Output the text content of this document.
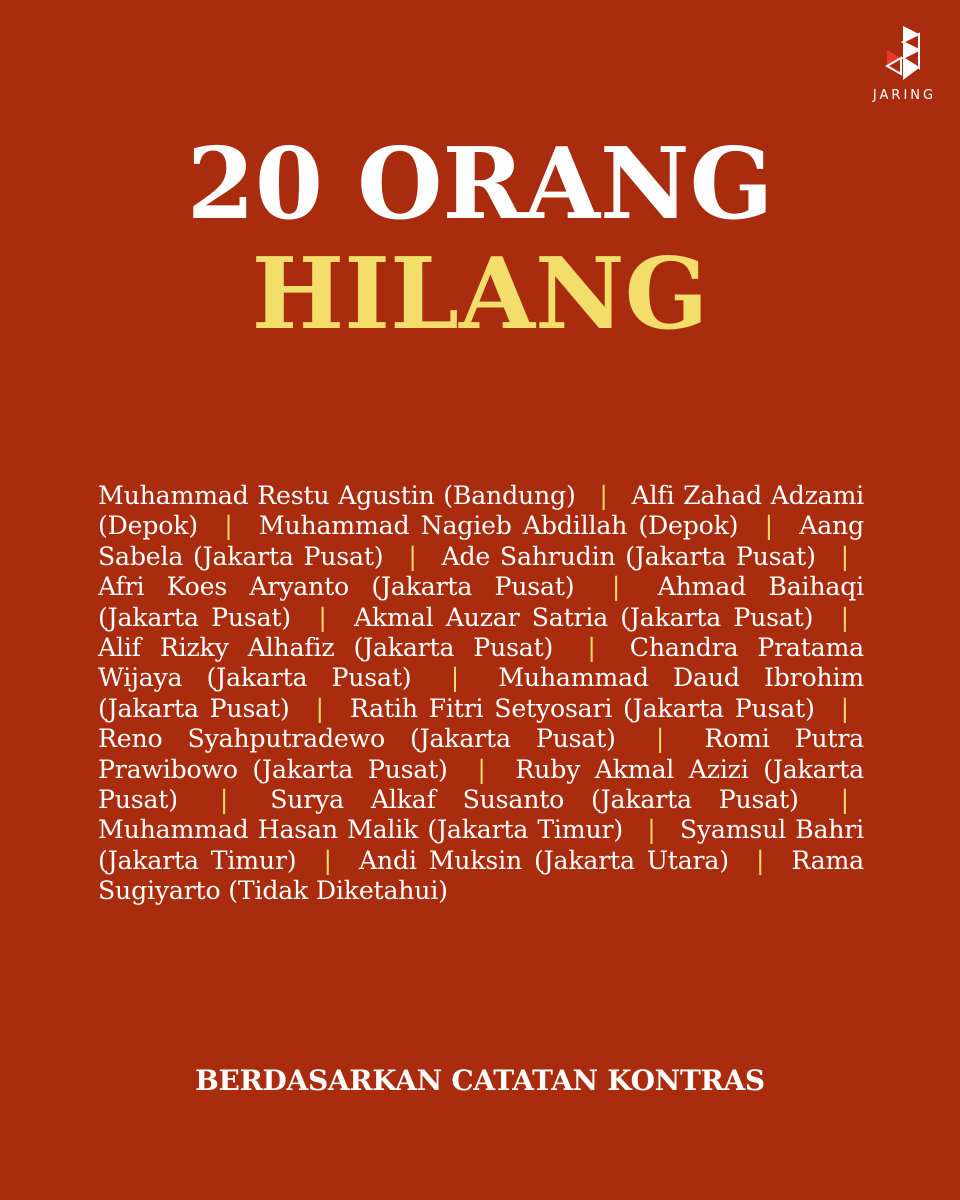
JARING
20 ORANG
HILANG
Muhammad Restu Agustin (Bandung) | Alfi Zahad Adzami (Depok) | Muhammad Nagieb Abdillah (Depok) | Aang Sabela (Jakarta Pusat) | Ade Sahrudin (Jakarta Pusat) | Afri Koes Aryanto (Jakarta Pusat) | Ahmad Baihaqi (Jakarta Pusat) | Akmal Auzar Satria (Jakarta Pusat) | Alif Rizky Alhafiz (Jakarta Pusat) | Chandra Pratama Wijaya (Jakarta Pusat) | Muhammad Daud Ibrohim (Jakarta Pusat) | Ratih Fitri Setyosari (Jakarta Pusat) | Reno Syahputradewo (Jakarta Pusat) | Romi Putra Prawibowo (Jakarta Pusat) | Ruby Akmal Azizi (Jakarta Pusat) | Surya Alkaf Susanto (Jakarta Pusat) | Muhammad Hasan Malik (Jakarta Timur) | Syamsul Bahri (Jakarta Timur) | Andi Muksin (Jakarta Utara) | Rama Sugiyarto (Tidak Diketahui)
BERDASARKAN CATATAN KONTRAS
